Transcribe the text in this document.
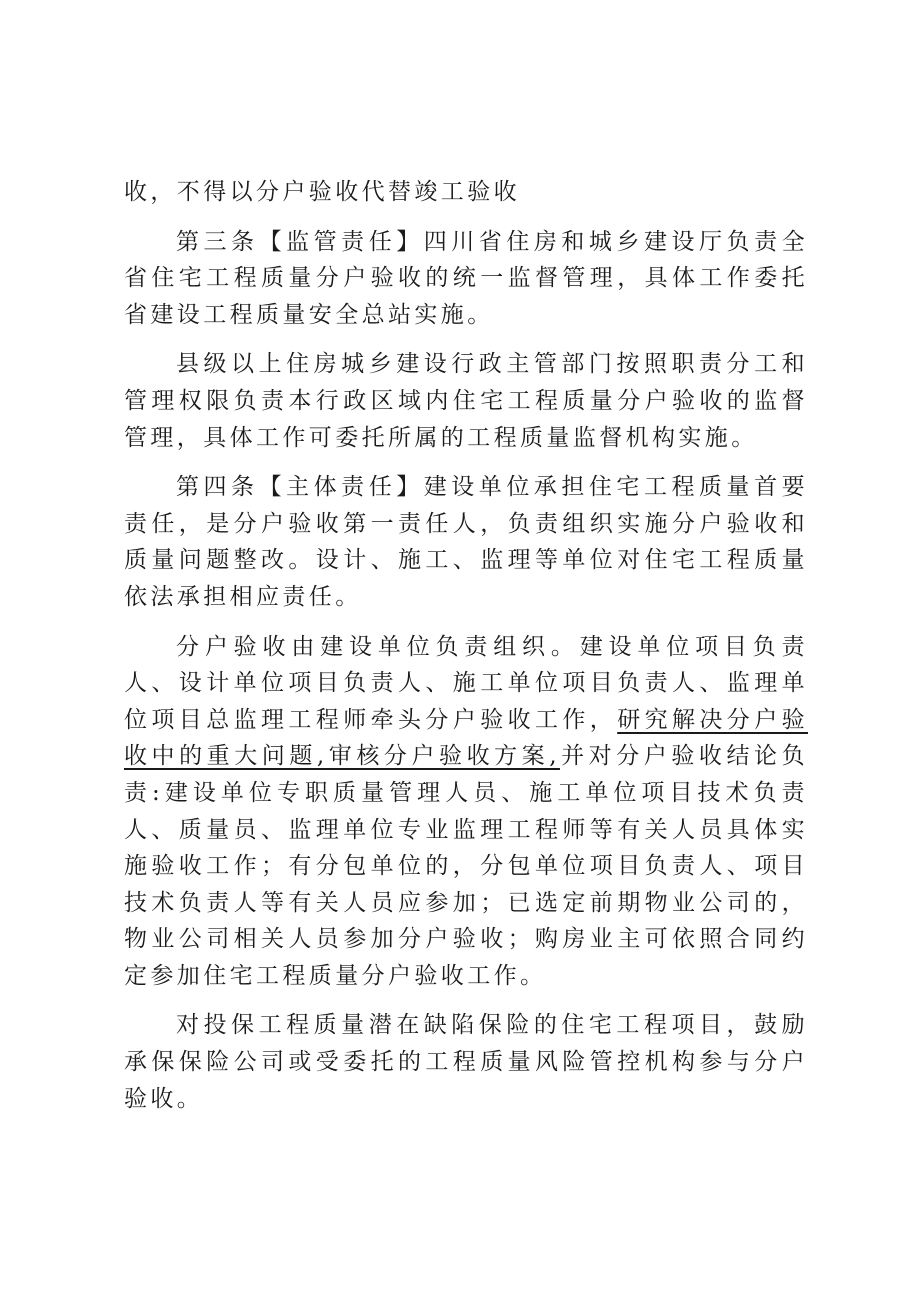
收，不得以分户验收代替竣工验收

第三条【监管责任】四川省住房和城乡建设厅负责全省住宅工程质量分户验收的统一监督管理，具体工作委托省建设工程质量安全总站实施。

县级以上住房城乡建设行政主管部门按照职责分工和管理权限负责本行政区域内住宅工程质量分户验收的监督管理，具体工作可委托所属的工程质量监督机构实施。

第四条【主体责任】建设单位承担住宅工程质量首要责任，是分户验收第一责任人，负责组织实施分户验收和质量问题整改。设计、施工、监理等单位对住宅工程质量依法承担相应责任。

分户验收由建设单位负责组织。建设单位项目负责人、设计单位项目负责人、施工单位项目负责人、监理单位项目总监理工程师牵头分户验收工作，研究解决分户验收中的重大问题,审核分户验收方案,并对分户验收结论负责:建设单位专职质量管理人员、施工单位项目技术负责人、质量员、监理单位专业监理工程师等有关人员具体实施验收工作；有分包单位的，分包单位项目负责人、项目技术负责人等有关人员应参加；已选定前期物业公司的，物业公司相关人员参加分户验收；购房业主可依照合同约定参加住宅工程质量分户验收工作。

对投保工程质量潜在缺陷保险的住宅工程项目，鼓励承保保险公司或受委托的工程质量风险管控机构参与分户验收。
